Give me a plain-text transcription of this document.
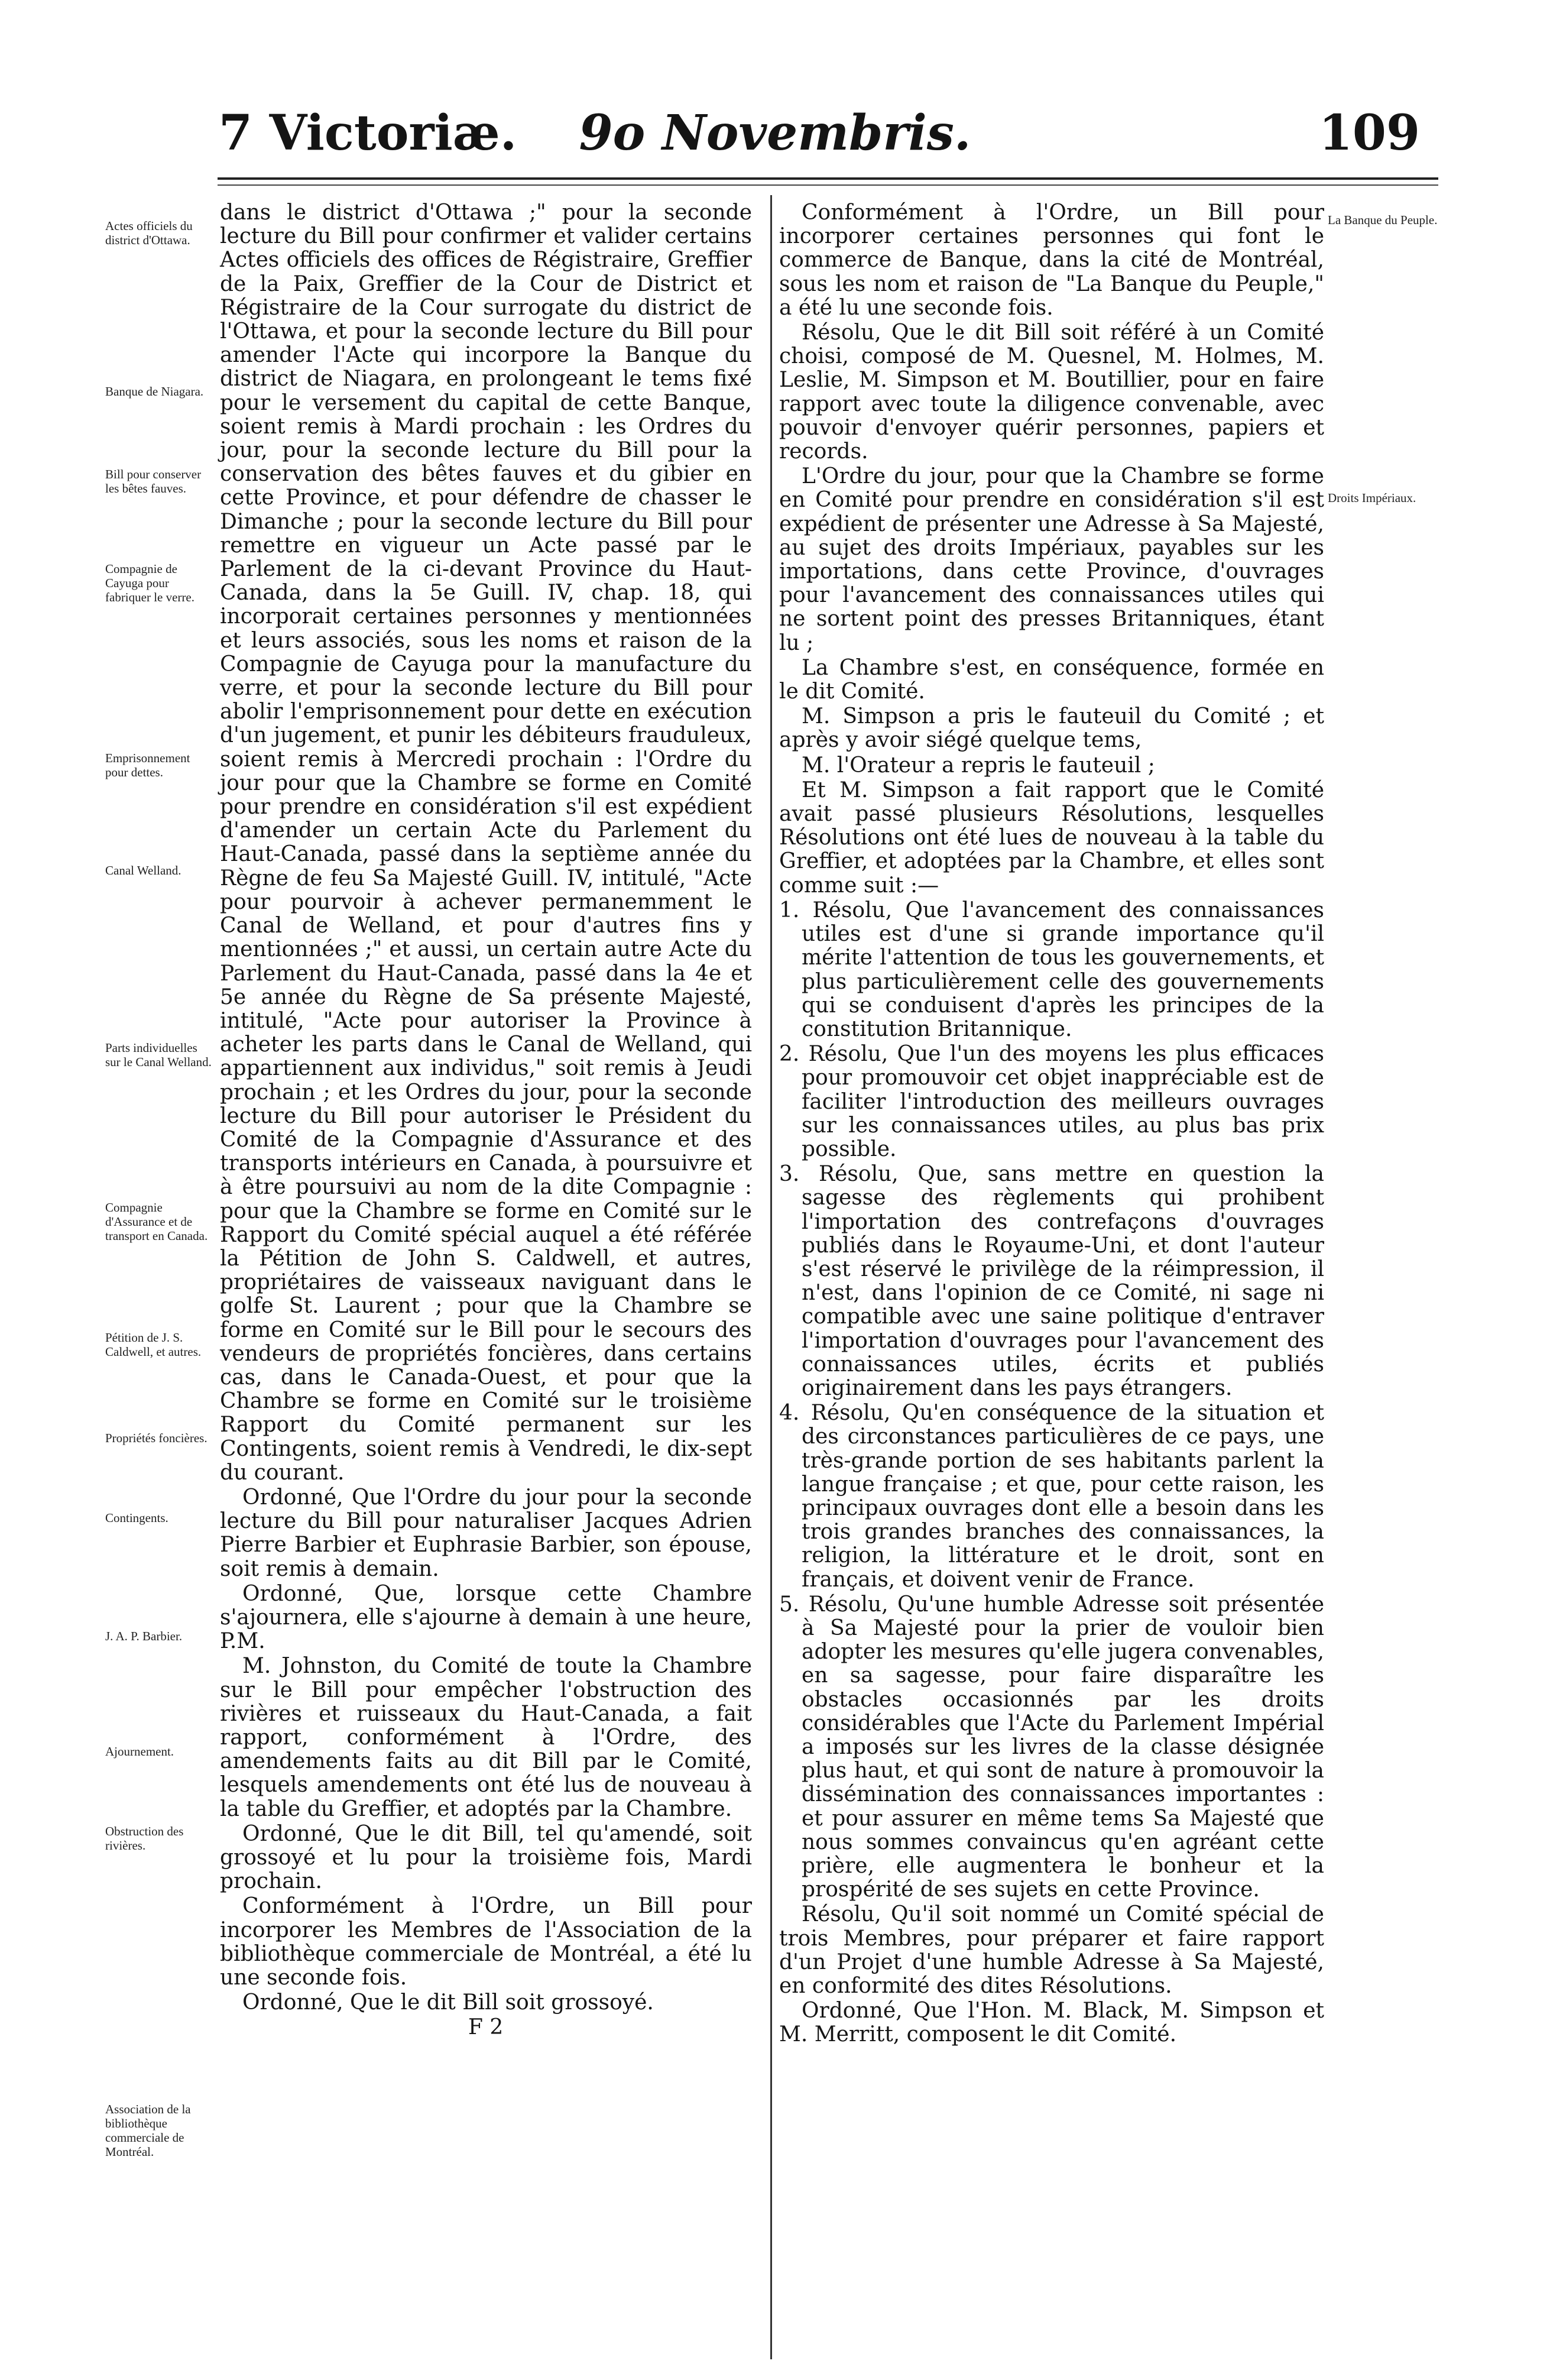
9o Novembris.
7 Victoriæ.	109
Actes officiels du district d'Ottawa.
Banque de Niagara.
Bill pour conserver les bêtes fauves.
Compagnie de Cayuga pour fabriquer le verre.
Emprisonnement pour dettes.
Canal Welland.
Parts individuelles sur le Canal Welland.
Compagnie d'Assurance et de transport en Canada.
Pétition de J. S. Caldwell, et autres.
Propriétés foncières.
Contingents.
J. A. P. Barbier.
Ajournement.
Obstruction des rivières.
Association de la bibliothèque commerciale de Montréal.
La Banque du Peuple.
Droits Impériaux.

dans le district d'Ottawa ;" pour la seconde lecture du Bill pour confirmer et valider certains Actes officiels des offices de Régistraire, Greffier de la Paix, Greffier de la Cour de District et Régistraire de la Cour surrogate du district de l'Ottawa, et pour la seconde lecture du Bill pour amender l'Acte qui incorpore la Banque du district de Niagara, en prolongeant le tems fixé pour le versement du capital de cette Banque, soient remis à Mardi prochain : les Ordres du jour, pour la seconde lecture du Bill pour la conservation des bêtes fauves et du gibier en cette Province, et pour défendre de chasser le Dimanche ; pour la seconde lecture du Bill pour remettre en vigueur un Acte passé par le Parlement de la ci-devant Province du Haut-Canada, dans la 5e Guill. IV, chap. 18, qui incorporait certaines personnes y mentionnées et leurs associés, sous les noms et raison de la Compagnie de Cayuga pour la manufacture du verre, et pour la seconde lecture du Bill pour abolir l'emprisonnement pour dette en exécution d'un jugement, et punir les débiteurs frauduleux, soient remis à Mercredi prochain : l'Ordre du jour pour que la Chambre se forme en Comité pour prendre en considération s'il est expédient d'amender un certain Acte du Parlement du Haut-Canada, passé dans la septième année du Règne de feu Sa Majesté Guill. IV, intitulé, "Acte pour pourvoir à achever permanemment le Canal de Welland, et pour d'autres fins y mentionnées ;" et aussi, un certain autre Acte du Parlement du Haut-Canada, passé dans la 4e et 5e année du Règne de Sa présente Majesté, intitulé, "Acte pour autoriser la Province à acheter les parts dans le Canal de Welland, qui appartiennent aux individus," soit remis à Jeudi prochain ; et les Ordres du jour, pour la seconde lecture du Bill pour autoriser le Président du Comité de la Compagnie d'Assurance et des transports intérieurs en Canada, à poursuivre et à être poursuivi au nom de la dite Compagnie : pour que la Chambre se forme en Comité sur le Rapport du Comité spécial auquel a été référée la Pétition de John S. Caldwell, et autres, propriétaires de vaisseaux naviguant dans le golfe St. Laurent ; pour que la Chambre se forme en Comité sur le Bill pour le secours des vendeurs de propriétés foncières, dans certains cas, dans le Canada-Ouest, et pour que la Chambre se forme en Comité sur le troisième Rapport du Comité permanent sur les Contingents, soient remis à Vendredi, le dix-sept du courant.

Ordonné, Que l'Ordre du jour pour la seconde lecture du Bill pour naturaliser Jacques Adrien Pierre Barbier et Euphrasie Barbier, son épouse, soit remis à demain.

Ordonné, Que, lorsque cette Chambre s'ajournera, elle s'ajourne à demain à une heure, P.M.

M. Johnston, du Comité de toute la Chambre sur le Bill pour empêcher l'obstruction des rivières et ruisseaux du Haut-Canada, a fait rapport, conformément à l'Ordre, des amendements faits au dit Bill par le Comité, lesquels amendements ont été lus de nouveau à la table du Greffier, et adoptés par la Chambre.

Ordonné, Que le dit Bill, tel qu'amendé, soit grossoyé et lu pour la troisième fois, Mardi prochain.

Conformément à l'Ordre, un Bill pour incorporer les Membres de l'Association de la bibliothèque commerciale de Montréal, a été lu une seconde fois.

Ordonné, Que le dit Bill soit grossoyé.

F 2

Conformément à l'Ordre, un Bill pour incorporer certaines personnes qui font le commerce de Banque, dans la cité de Montréal, sous les nom et raison de "La Banque du Peuple," a été lu une seconde fois.

Résolu, Que le dit Bill soit référé à un Comité choisi, composé de M. Quesnel, M. Holmes, M. Leslie, M. Simpson et M. Boutillier, pour en faire rapport avec toute la diligence convenable, avec pouvoir d'envoyer quérir personnes, papiers et records.

L'Ordre du jour, pour que la Chambre se forme en Comité pour prendre en considération s'il est expédient de présenter une Adresse à Sa Majesté, au sujet des droits Impériaux, payables sur les importations, dans cette Province, d'ouvrages pour l'avancement des connaissances utiles qui ne sortent point des presses Britanniques, étant lu ;

La Chambre s'est, en conséquence, formée en le dit Comité.

M. Simpson a pris le fauteuil du Comité ; et après y avoir siégé quelque tems,

M. l'Orateur a repris le fauteuil ;

Et M. Simpson a fait rapport que le Comité avait passé plusieurs Résolutions, lesquelles Résolutions ont été lues de nouveau à la table du Greffier, et adoptées par la Chambre, et elles sont comme suit :—

1. Résolu, Que l'avancement des connaissances utiles est d'une si grande importance qu'il mérite l'attention de tous les gouvernements, et plus particulièrement celle des gouvernements qui se conduisent d'après les principes de la constitution Britannique.

2. Résolu, Que l'un des moyens les plus efficaces pour promouvoir cet objet inappréciable est de faciliter l'introduction des meilleurs ouvrages sur les connaissances utiles, au plus bas prix possible.

3. Résolu, Que, sans mettre en question la sagesse des règlements qui prohibent l'importation des contrefaçons d'ouvrages publiés dans le Royaume-Uni, et dont l'auteur s'est réservé le privilège de la réimpression, il n'est, dans l'opinion de ce Comité, ni sage ni compatible avec une saine politique d'entraver l'importation d'ouvrages pour l'avancement des connaissances utiles, écrits et publiés originairement dans les pays étrangers.

4. Résolu, Qu'en conséquence de la situation et des circonstances particulières de ce pays, une très-grande portion de ses habitants parlent la langue française ; et que, pour cette raison, les principaux ouvrages dont elle a besoin dans les trois grandes branches des connaissances, la religion, la littérature et le droit, sont en français, et doivent venir de France.

5. Résolu, Qu'une humble Adresse soit présentée à Sa Majesté pour la prier de vouloir bien adopter les mesures qu'elle jugera convenables, en sa sagesse, pour faire disparaître les obstacles occasionnés par les droits considérables que l'Acte du Parlement Impérial a imposés sur les livres de la classe désignée plus haut, et qui sont de nature à promouvoir la dissémination des connaissances importantes : et pour assurer en même tems Sa Majesté que nous sommes convaincus qu'en agréant cette prière, elle augmentera le bonheur et la prospérité de ses sujets en cette Province.

Résolu, Qu'il soit nommé un Comité spécial de trois Membres, pour préparer et faire rapport d'un Projet d'une humble Adresse à Sa Majesté, en conformité des dites Résolutions.

Ordonné, Que l'Hon. M. Black, M. Simpson et M. Merritt, composent le dit Comité.
